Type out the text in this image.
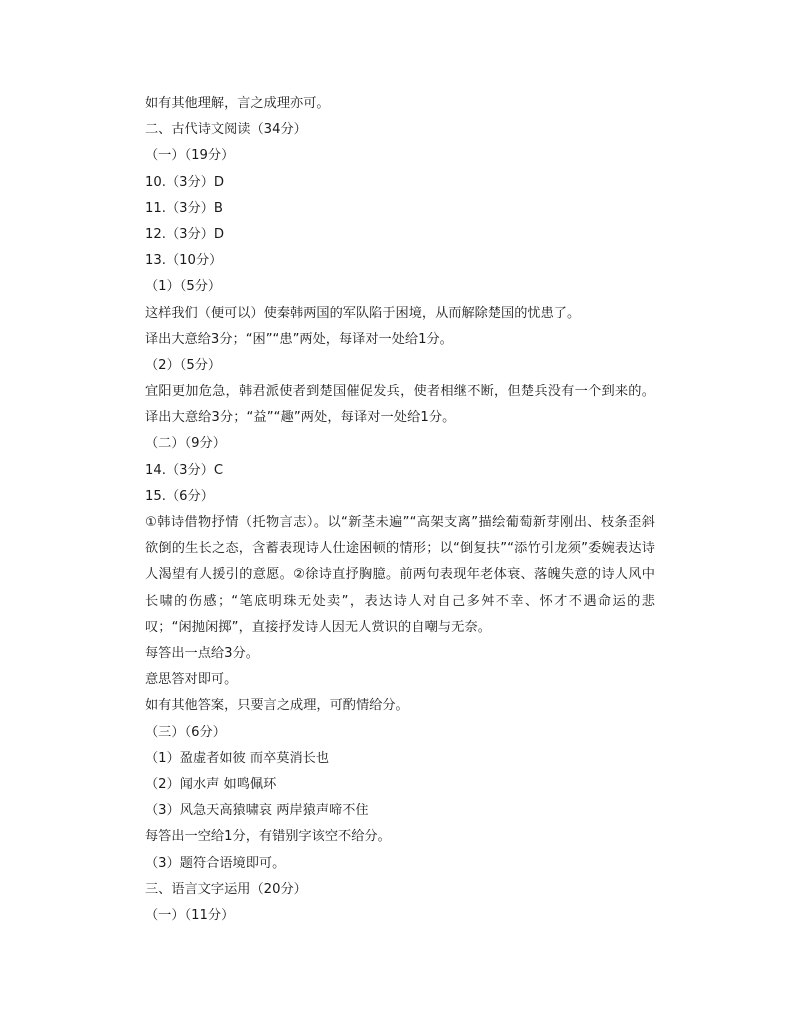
如有其他理解，言之成理亦可。
二、古代诗文阅读（34分）
（一）（19分）
10.（3分）D
11.（3分）B
12.（3分）D
13.（10分）
（1）（5分）
这样我们（便可以）使秦韩两国的军队陷于困境，从而解除楚国的忧患了。
译出大意给3分；“困”“患”两处，每译对一处给1分。
（2）（5分）
宜阳更加危急，韩君派使者到楚国催促发兵，使者相继不断，但楚兵没有一个到来的。译出大意给3分；“益”“趣”两处，每译对一处给1分。
（二）（9分）
14.（3分）C
15.（6分）
①韩诗借物抒情（托物言志）。以“新茎未遍”“高架支离”描绘葡萄新芽刚出、枝条歪斜欲倒的生长之态，含蓄表现诗人仕途困顿的情形；以“倒复扶”“添竹引龙须”委婉表达诗人渴望有人援引的意愿。②徐诗直抒胸臆。前两句表现年老体衰、落魄失意的诗人风中长啸的伤感；“笔底明珠无处卖”，表达诗人对自己多舛不幸、怀才不遇命运的悲叹；“闲抛闲掷”，直接抒发诗人因无人赏识的自嘲与无奈。
每答出一点给3分。
意思答对即可。
如有其他答案，只要言之成理，可酌情给分。
（三）（6分）
（1）盈虚者如彼 而卒莫消长也
（2）闻水声 如鸣佩环
（3）风急天高猿啸哀 两岸猿声啼不住
每答出一空给1分，有错别字该空不给分。
（3）题符合语境即可。
三、语言文字运用（20分）
（一）（11分）
